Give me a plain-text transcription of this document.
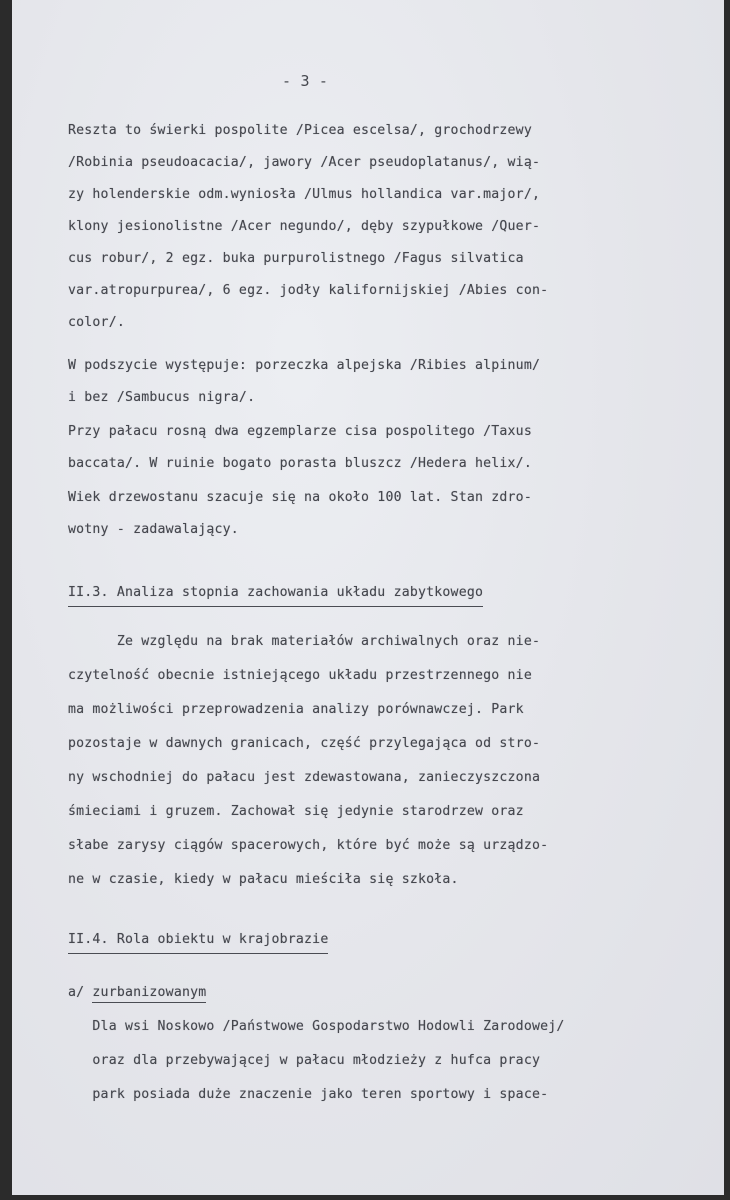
- 3 -
Reszta to świerki pospolite /Picea escelsa/, grochodrzewy
/Robinia pseudoacacia/, jawory /Acer pseudoplatanus/, wią-
zy holenderskie odm.wyniosła /Ulmus hollandica var.major/,
klony jesionolistne /Acer negundo/, dęby szypułkowe /Quer-
cus robur/, 2 egz. buka purpurolistnego /Fagus silvatica
var.atropurpurea/, 6 egz. jodły kalifornijskiej /Abies con-
color/.
W podszycie występuje: porzeczka alpejska /Ribies alpinum/
i bez /Sambucus nigra/.
Przy pałacu rosną dwa egzemplarze cisa pospolitego /Taxus
baccata/. W ruinie bogato porasta bluszcz /Hedera helix/.
Wiek drzewostanu szacuje się na około 100 lat. Stan zdro-
wotny - zadawalający.
II.3. Analiza stopnia zachowania układu zabytkowego
Ze względu na brak materiałów archiwalnych oraz nie-
czytelność obecnie istniejącego układu przestrzennego nie
ma możliwości przeprowadzenia analizy porównawczej. Park
pozostaje w dawnych granicach, część przylegająca od stro-
ny wschodniej do pałacu jest zdewastowana, zanieczyszczona
śmieciami i gruzem. Zachował się jedynie starodrzew oraz
słabe zarysy ciągów spacerowych, które być może są urządzo-
ne w czasie, kiedy w pałacu mieściła się szkoła.
II.4. Rola obiektu w krajobrazie
a/ zurbanizowanym
Dla wsi Noskowo /Państwowe Gospodarstwo Hodowli Zarodowej/
oraz dla przebywającej w pałacu młodzieży z hufca pracy
park posiada duże znaczenie jako teren sportowy i space-
